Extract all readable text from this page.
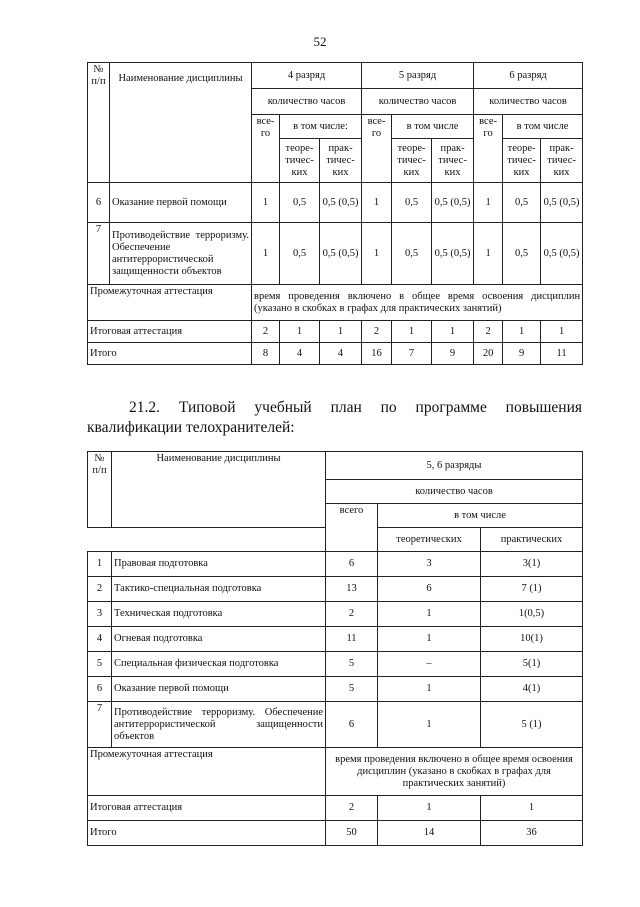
52
№ п/п	Наименование дисциплины	4 разряд			5 разряд			6 разряд		
		количество часов			количество часов			количество часов		
		все-го	в том числе:		все-го	в том числе		все-го	в том числе	
			теоре-тичес-ких	прак-тичес-ких		теоре-тичес-ких	прак-тичес-ких		теоре-тичес-ких	прак-тичес-ких
6	Оказание первой помощи	1	0,5	0,5 (0,5)	1	0,5	0,5 (0,5)	1	0,5	0,5 (0,5)
7	Противодействие терроризму. Обеспечение антитеррористической защищенности объектов	1	0,5	0,5 (0,5)	1	0,5	0,5 (0,5)	1	0,5	0,5 (0,5)
Промежуточная аттестация		время проведения включено в общее время освоения дисциплин (указано в скобках в графах для практических занятий)								
Итоговая аттестация		2	1	1	2	1	1	2	1	1
Итого		8	4	4	16	7	9	20	9	11
21.2. Типовой учебный план по программе повышения квалификации телохранителей:
№ п/п	Наименование дисциплины	5, 6 разряды		
		количество часов		
		всего	в том числе	
			теоретических	практических
1	Правовая подготовка	6	3	3(1)
2	Тактико-специальная подготовка	13	6	7 (1)
3	Техническая подготовка	2	1	1(0,5)
4	Огневая подготовка	11	1	10(1)
5	Специальная физическая подготовка	5	–	5(1)
6	Оказание первой помощи	5	1	4(1)
7	Противодействие терроризму. Обеспечение антитеррористической защищенности объектов	6	1	5 (1)
Промежуточная аттестация		время проведения включено в общее время освоения дисциплин (указано в скобках в графах для практических занятий)		
Итоговая аттестация		2	1	1
Итого		50	14	36
